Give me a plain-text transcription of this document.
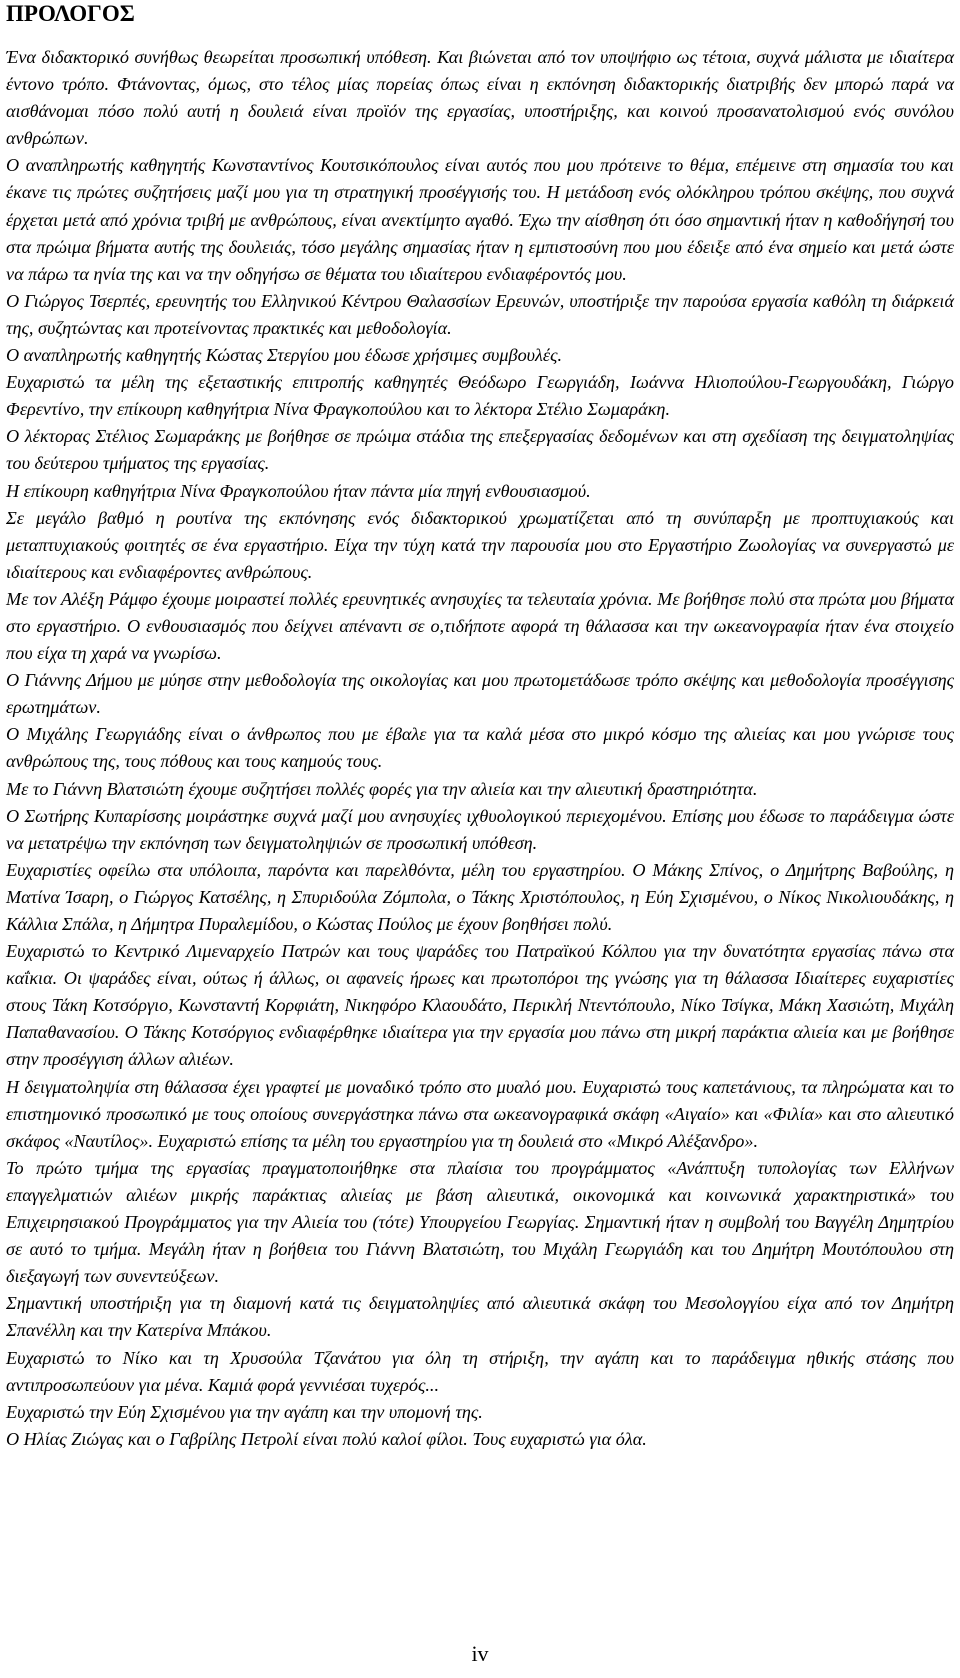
ΠΡΟΛΟΓΟΣ

Ένα διδακτορικό συνήθως θεωρείται προσωπική υπόθεση. Και βιώνεται από τον υποψήφιο ως τέτοια, συχνά μάλιστα με ιδιαίτερα έντονο τρόπο. Φτάνοντας, όμως, στο τέλος μίας πορείας όπως είναι η εκπόνηση διδακτορικής διατριβής δεν μπορώ παρά να αισθάνομαι πόσο πολύ αυτή η δουλειά είναι προϊόν της εργασίας, υποστήριξης, και κοινού προσανατολισμού ενός συνόλου ανθρώπων.

Ο αναπληρωτής καθηγητής Κωνσταντίνος Κουτσικόπουλος είναι αυτός που μου πρότεινε το θέμα, επέμεινε στη σημασία του και έκανε τις πρώτες συζητήσεις μαζί μου για τη στρατηγική προσέγγισής του. Η μετάδοση ενός ολόκληρου τρόπου σκέψης, που συχνά έρχεται μετά από χρόνια τριβή με ανθρώπους, είναι ανεκτίμητο αγαθό. Έχω την αίσθηση ότι όσο σημαντική ήταν η καθοδήγησή του στα πρώιμα βήματα αυτής της δουλειάς, τόσο μεγάλης σημασίας ήταν η εμπιστοσύνη που μου έδειξε από ένα σημείο και μετά ώστε να πάρω τα ηνία της και να την οδηγήσω σε θέματα του ιδιαίτερου ενδιαφέροντός μου.

Ο Γιώργος Τσερπές, ερευνητής του Ελληνικού Κέντρου Θαλασσίων Ερευνών, υποστήριξε την παρούσα εργασία καθόλη τη διάρκειά της, συζητώντας και προτείνοντας πρακτικές και μεθοδολογία.

Ο αναπληρωτής καθηγητής Κώστας Στεργίου μου έδωσε χρήσιμες συμβουλές.

Ευχαριστώ τα μέλη της εξεταστικής επιτροπής καθηγητές Θεόδωρο Γεωργιάδη, Ιωάννα Ηλιοπούλου-Γεωργουδάκη, Γιώργο Φερεντίνο, την επίκουρη καθηγήτρια Νίνα Φραγκοπούλου και το λέκτορα Στέλιο Σωμαράκη.

Ο λέκτορας Στέλιος Σωμαράκης με βοήθησε σε πρώιμα στάδια της επεξεργασίας δεδομένων και στη σχεδίαση της δειγματοληψίας του δεύτερου τμήματος της εργασίας.

Η επίκουρη καθηγήτρια Νίνα Φραγκοπούλου ήταν πάντα μία πηγή ενθουσιασμού.

Σε μεγάλο βαθμό η ρουτίνα της εκπόνησης ενός διδακτορικού χρωματίζεται από τη συνύπαρξη με προπτυχιακούς και μεταπτυχιακούς φοιτητές σε ένα εργαστήριο. Είχα την τύχη κατά την παρουσία μου στο Εργαστήριο Ζωολογίας να συνεργαστώ με ιδιαίτερους και ενδιαφέροντες ανθρώπους.

Με τον Αλέξη Ράμφο έχουμε μοιραστεί πολλές ερευνητικές ανησυχίες τα τελευταία χρόνια. Με βοήθησε πολύ στα πρώτα μου βήματα στο εργαστήριο. Ο ενθουσιασμός που δείχνει απέναντι σε ο,τιδήποτε αφορά τη θάλασσα και την ωκεανογραφία ήταν ένα στοιχείο που είχα τη χαρά να γνωρίσω.

Ο Γιάννης Δήμου με μύησε στην μεθοδολογία της οικολογίας και μου πρωτομετάδωσε τρόπο σκέψης και μεθοδολογία προσέγγισης ερωτημάτων.

Ο Μιχάλης Γεωργιάδης είναι ο άνθρωπος που με έβαλε για τα καλά μέσα στο μικρό κόσμο της αλιείας και μου γνώρισε τους ανθρώπους της, τους πόθους και τους καημούς τους.

Με το Γιάννη Βλατσιώτη έχουμε συζητήσει πολλές φορές για την αλιεία και την αλιευτική δραστηριότητα.

Ο Σωτήρης Κυπαρίσσης μοιράστηκε συχνά μαζί μου ανησυχίες ιχθυολογικού περιεχομένου. Επίσης μου έδωσε το παράδειγμα ώστε να μετατρέψω την εκπόνηση των δειγματοληψιών σε προσωπική υπόθεση.

Ευχαριστίες οφείλω στα υπόλοιπα, παρόντα και παρελθόντα, μέλη του εργαστηρίου. Ο Μάκης Σπίνος, ο Δημήτρης Βαβούλης, η Ματίνα Ίσαρη, ο Γιώργος Κατσέλης, η Σπυριδούλα Ζόμπολα, ο Τάκης Χριστόπουλος, η Εύη Σχισμένου, ο Νίκος Νικολιουδάκης, η Κάλλια Σπάλα, η Δήμητρα Πυραλεμίδου, ο Κώστας Πούλος με έχουν βοηθήσει πολύ.

Ευχαριστώ το Κεντρικό Λιμεναρχείο Πατρών και τους ψαράδες του Πατραϊκού Κόλπου για την δυνατότητα εργασίας πάνω στα καΐκια. Οι ψαράδες είναι, ούτως ή άλλως, οι αφανείς ήρωες και πρωτοπόροι της γνώσης για τη θάλασσα Ιδιαίτερες ευχαριστίες στους Τάκη Κοτσόργιο, Κωνσταντή Κορφιάτη, Νικηφόρο Κλαουδάτο, Περικλή Ντεντόπουλο, Νίκο Τσίγκα, Μάκη Χασιώτη, Μιχάλη Παπαθανασίου. Ο Τάκης Κοτσόργιος ενδιαφέρθηκε ιδιαίτερα για την εργασία μου πάνω στη μικρή παράκτια αλιεία και με βοήθησε στην προσέγγιση άλλων αλιέων.

Η δειγματοληψία στη θάλασσα έχει γραφτεί με μοναδικό τρόπο στο μυαλό μου. Ευχαριστώ τους καπετάνιους, τα πληρώματα και το επιστημονικό προσωπικό με τους οποίους συνεργάστηκα πάνω στα ωκεανογραφικά σκάφη «Αιγαίο» και «Φιλία» και στο αλιευτικό σκάφος «Ναυτίλος». Ευχαριστώ επίσης τα μέλη του εργαστηρίου για τη δουλειά στο «Μικρό Αλέξανδρο».

Το πρώτο τμήμα της εργασίας πραγματοποιήθηκε στα πλαίσια του προγράμματος «Ανάπτυξη τυπολογίας των Ελλήνων επαγγελματιών αλιέων μικρής παράκτιας αλιείας με βάση αλιευτικά, οικονομικά και κοινωνικά χαρακτηριστικά» του Επιχειρησιακού Προγράμματος για την Αλιεία του (τότε) Υπουργείου Γεωργίας. Σημαντική ήταν η συμβολή του Βαγγέλη Δημητρίου σε αυτό το τμήμα. Μεγάλη ήταν η βοήθεια του Γιάννη Βλατσιώτη, του Μιχάλη Γεωργιάδη και του Δημήτρη Μουτόπουλου στη διεξαγωγή των συνεντεύξεων.

Σημαντική υποστήριξη για τη διαμονή κατά τις δειγματοληψίες από αλιευτικά σκάφη του Μεσολογγίου είχα από τον Δημήτρη Σπανέλλη και την Κατερίνα Μπάκου.

Ευχαριστώ το Νίκο και τη Χρυσούλα Τζανάτου για όλη τη στήριξη, την αγάπη και το παράδειγμα ηθικής στάσης που αντιπροσωπεύουν για μένα. Καμιά φορά γεννιέσαι τυχερός...

Ευχαριστώ την Εύη Σχισμένου για την αγάπη και την υπομονή της.

Ο Ηλίας Ζιώγας και ο Γαβρίλης Πετρολί είναι πολύ καλοί φίλοι. Τους ευχαριστώ για όλα.

iv
